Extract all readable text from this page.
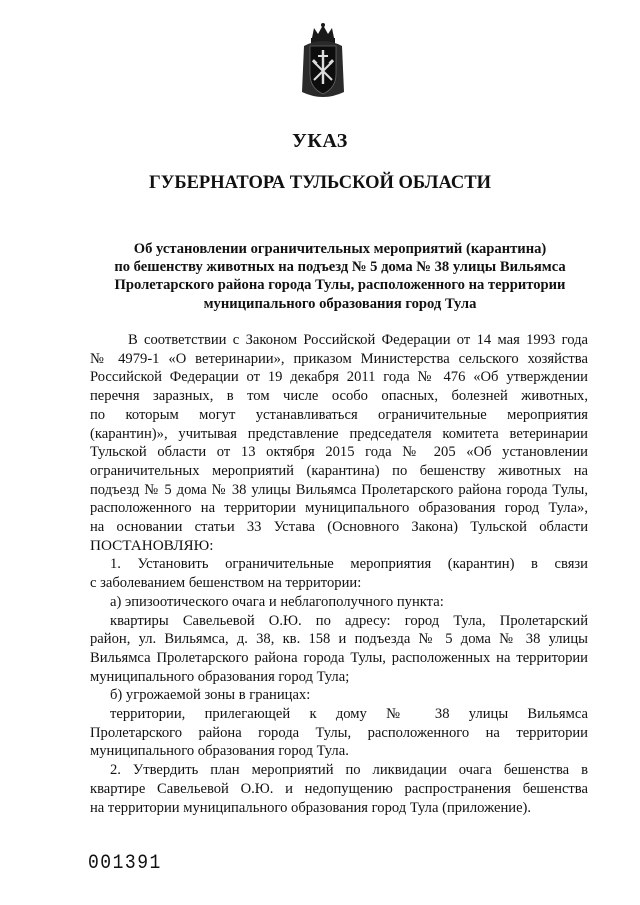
УКАЗ
ГУБЕРНАТОРА ТУЛЬСКОЙ ОБЛАСТИ
Об установлении ограничительных мероприятий (карантина)
по бешенству животных на подъезд № 5 дома № 38 улицы Вильямса
Пролетарского района города Тулы, расположенного на территории
муниципального образования город Тула
В соответствии с Законом Российской Федерации от 14 мая 1993 года
№ 4979-1 «О ветеринарии», приказом Министерства сельского хозяйства
Российской Федерации от 19 декабря 2011 года № 476 «Об утверждении
перечня заразных, в том числе особо опасных, болезней животных,
по которым могут устанавливаться ограничительные мероприятия
(карантин)», учитывая представление председателя комитета ветеринарии
Тульской области от 13 октября 2015 года № 205 «Об установлении
ограничительных мероприятий (карантина) по бешенству животных на
подъезд № 5 дома № 38 улицы Вильямса Пролетарского района города Тулы,
расположенного на территории муниципального образования город Тула»,
на основании статьи 33 Устава (Основного Закона) Тульской области
ПОСТАНОВЛЯЮ:
1. Установить ограничительные мероприятия (карантин) в связи
с заболеванием бешенством на территории:
а) эпизоотического очага и неблагополучного пункта:
квартиры Савельевой О.Ю. по адресу: город Тула, Пролетарский
район, ул. Вильямса, д. 38, кв. 158 и подъезда № 5 дома № 38 улицы
Вильямса Пролетарского района города Тулы, расположенных на территории
муниципального образования город Тула;
б) угрожаемой зоны в границах:
территории, прилегающей к дому № 38 улицы Вильямса
Пролетарского района города Тулы, расположенного на территории
муниципального образования город Тула.
2. Утвердить план мероприятий по ликвидации очага бешенства в
квартире Савельевой О.Ю. и недопущению распространения бешенства
на территории муниципального образования город Тула (приложение).
001391
